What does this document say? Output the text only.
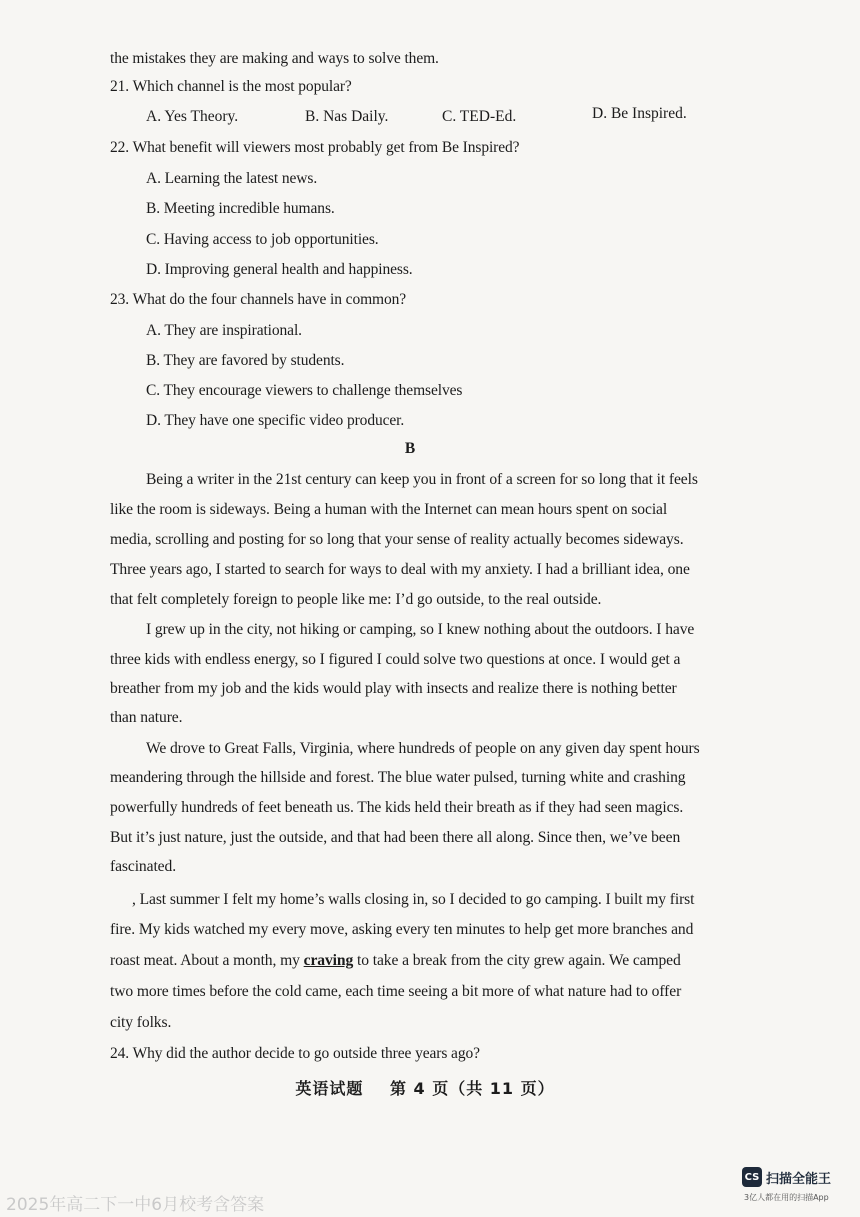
the mistakes they are making and ways to solve them.
21. Which channel is the most popular?
A. Yes Theory.	B. Nas Daily.	C. TED-Ed.	D. Be Inspired.
22. What benefit will viewers most probably get from Be Inspired?
A. Learning the latest news.
B. Meeting incredible humans.
C. Having access to job opportunities.
D. Improving general health and happiness.
23. What do the four channels have in common?
A. They are inspirational.
B. They are favored by students.
C. They encourage viewers to challenge themselves
D. They have one specific video producer.
B
Being a writer in the 21st century can keep you in front of a screen for so long that it feels
like the room is sideways. Being a human with the Internet can mean hours spent on social
media, scrolling and posting for so long that your sense of reality actually becomes sideways.
Three years ago, I started to search for ways to deal with my anxiety. I had a brilliant idea, one
that felt completely foreign to people like me: I’d go outside, to the real outside.
I grew up in the city, not hiking or camping, so I knew nothing about the outdoors. I have
three kids with endless energy, so I figured I could solve two questions at once. I would get a
breather from my job and the kids would play with insects and realize there is nothing better
than nature.
We drove to Great Falls, Virginia, where hundreds of people on any given day spent hours
meandering through the hillside and forest. The blue water pulsed, turning white and crashing
powerfully hundreds of feet beneath us. The kids held their breath as if they had seen magics.
But it’s just nature, just the outside, and that had been there all along. Since then, we’ve been
fascinated.
, Last summer I felt my home’s walls closing in, so I decided to go camping. I built my first
fire. My kids watched my every move, asking every ten minutes to help get more branches and
roast meat. About a month, my craving to take a break from the city grew again. We camped
two more times before the cold came, each time seeing a bit more of what nature had to offer
city folks.
24. Why did the author decide to go outside three years ago?
英语试题 第 4 页（共 11 页）
2025年高二下一中6月校考含答案
CS 扫描全能王
3亿人都在用的扫描App
